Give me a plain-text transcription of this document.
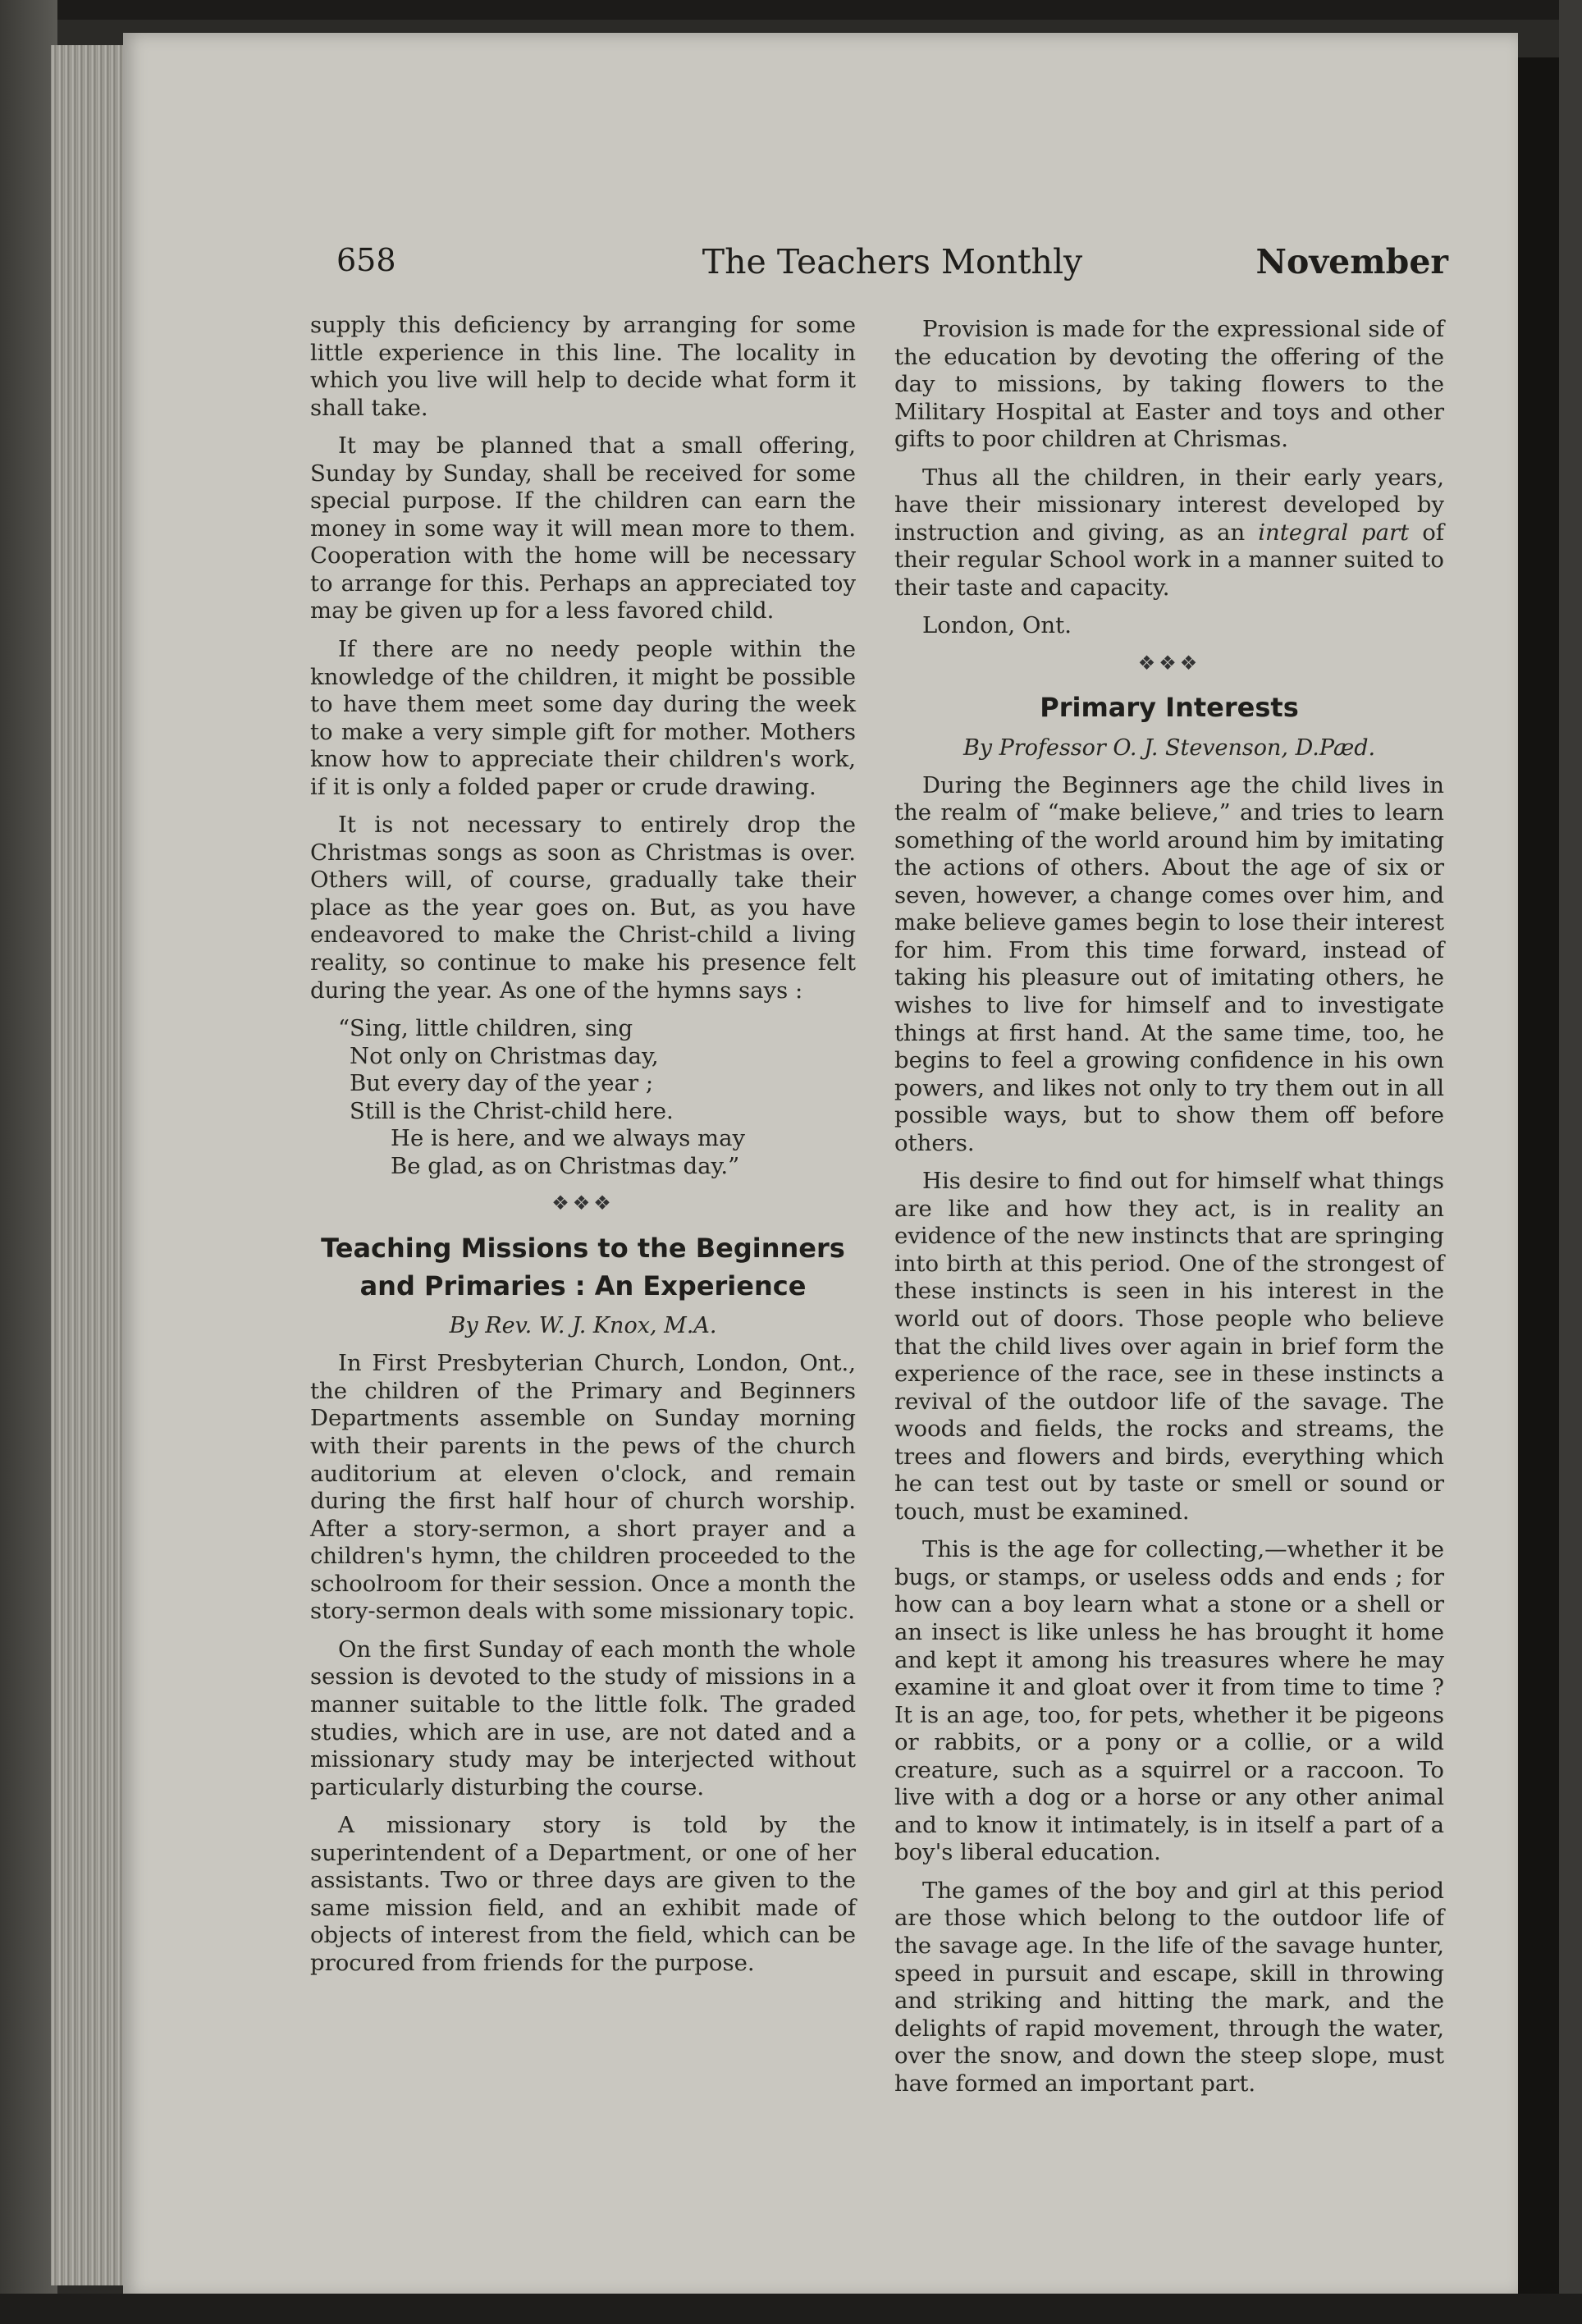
658	The Teachers Monthly	November

supply this deficiency by arranging for some little experience in this line. The locality in which you live will help to decide what form it shall take.

It may be planned that a small offering, Sunday by Sunday, shall be received for some special purpose. If the children can earn the money in some way it will mean more to them. Cooperation with the home will be necessary to arrange for this. Perhaps an appreciated toy may be given up for a less favored child.

If there are no needy people within the knowledge of the children, it might be possible to have them meet some day during the week to make a very simple gift for mother. Mothers know how to appreciate their children's work, if it is only a folded paper or crude drawing.

It is not necessary to entirely drop the Christmas songs as soon as Christmas is over. Others will, of course, gradually take their place as the year goes on. But, as you have endeavored to make the Christ-child a living reality, so continue to make his presence felt during the year. As one of the hymns says :

“Sing, little children, sing
Not only on Christmas day,
But every day of the year ;
Still is the Christ-child here.
He is here, and we always may
Be glad, as on Christmas day.”
❖❖❖
Teaching Missions to the Beginners
and Primaries : An Experience
By Rev. W. J. Knox, M.A.

In First Presbyterian Church, London, Ont., the children of the Primary and Beginners Departments assemble on Sunday morning with their parents in the pews of the church auditorium at eleven o'clock, and remain during the first half hour of church worship. After a story-sermon, a short prayer and a children's hymn, the children proceeded to the schoolroom for their session. Once a month the story-sermon deals with some missionary topic.

On the first Sunday of each month the whole session is devoted to the study of missions in a manner suitable to the little folk. The graded studies, which are in use, are not dated and a missionary study may be interjected without particularly disturbing the course.

A missionary story is told by the superintendent of a Department, or one of her assistants. Two or three days are given to the same mission field, and an exhibit made of objects of interest from the field, which can be procured from friends for the purpose.

Provision is made for the expressional side of the education by devoting the offering of the day to missions, by taking flowers to the Military Hospital at Easter and toys and other gifts to poor children at Chrismas.

Thus all the children, in their early years, have their missionary interest developed by instruction and giving, as an integral part of their regular School work in a manner suited to their taste and capacity.

London, Ont.

❖❖❖
Primary Interests
By Professor O. J. Stevenson, D.Pæd.

During the Beginners age the child lives in the realm of “make believe,” and tries to learn something of the world around him by imitating the actions of others. About the age of six or seven, however, a change comes over him, and make believe games begin to lose their interest for him. From this time forward, instead of taking his pleasure out of imitating others, he wishes to live for himself and to investigate things at first hand. At the same time, too, he begins to feel a growing confidence in his own powers, and likes not only to try them out in all possible ways, but to show them off before others.

His desire to find out for himself what things are like and how they act, is in reality an evidence of the new instincts that are springing into birth at this period. One of the strongest of these instincts is seen in his interest in the world out of doors. Those people who believe that the child lives over again in brief form the experience of the race, see in these instincts a revival of the outdoor life of the savage. The woods and fields, the rocks and streams, the trees and flowers and birds, everything which he can test out by taste or smell or sound or touch, must be examined.

This is the age for collecting,—whether it be bugs, or stamps, or useless odds and ends ; for how can a boy learn what a stone or a shell or an insect is like unless he has brought it home and kept it among his treasures where he may examine it and gloat over it from time to time ? It is an age, too, for pets, whether it be pigeons or rabbits, or a pony or a collie, or a wild creature, such as a squirrel or a raccoon. To live with a dog or a horse or any other animal and to know it intimately, is in itself a part of a boy's liberal education.

The games of the boy and girl at this period are those which belong to the outdoor life of the savage age. In the life of the savage hunter, speed in pursuit and escape, skill in throwing and striking and hitting the mark, and the delights of rapid movement, through the water, over the snow, and down the steep slope, must have formed an important part.
